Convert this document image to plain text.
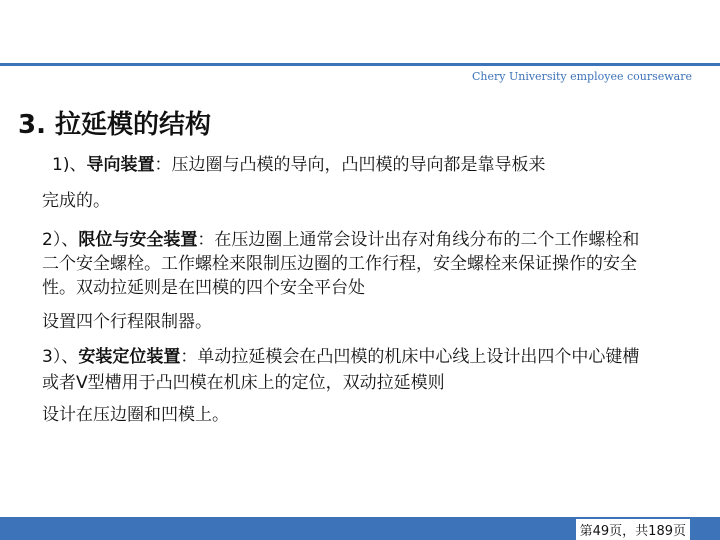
Chery University employee courseware
3. 拉延模的结构

1)、导向装置：压边圈与凸模的导向，凸凹模的导向都是靠导板来

完成的。

2）、限位与安全装置：在压边圈上通常会设计出存对角线分布的二个工作螺栓和二个安全螺栓。工作螺栓来限制压边圈的工作行程，安全螺栓来保证操作的安全性。双动拉延则是在凹模的四个安全平台处

设置四个行程限制器。

3）、安装定位装置：单动拉延模会在凸凹模的机床中心线上设计出四个中心键槽或者V型槽用于凸凹模在机床上的定位，双动拉延模则

设计在压边圈和凹模上。

第49页，共189页
